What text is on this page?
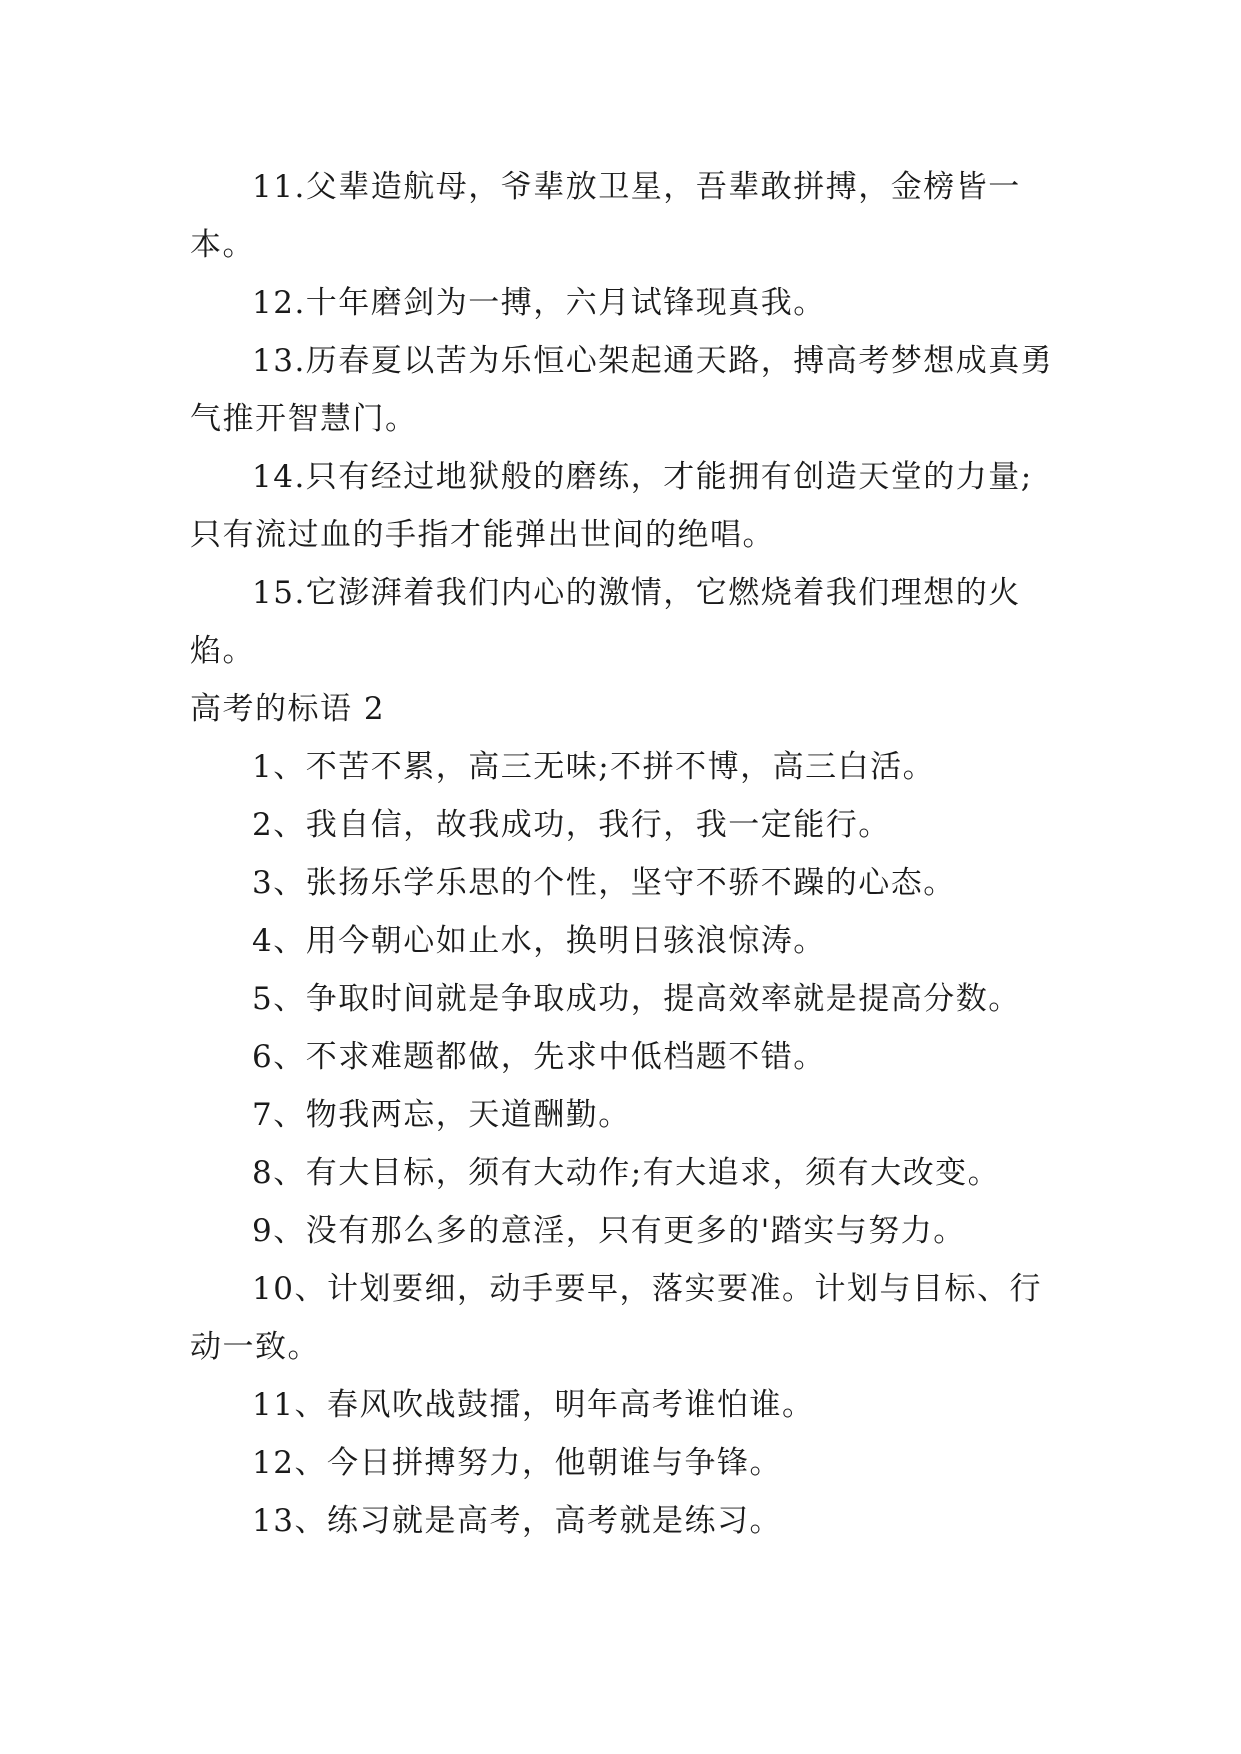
11.父辈造航母，爷辈放卫星，吾辈敢拼搏，金榜皆一本。

12.十年磨剑为一搏，六月试锋现真我。

13.历春夏以苦为乐恒心架起通天路，搏高考梦想成真勇气推开智慧门。

14.只有经过地狱般的磨练，才能拥有创造天堂的力量;只有流过血的手指才能弹出世间的绝唱。

15.它澎湃着我们内心的激情，它燃烧着我们理想的火焰。

高考的标语 2

1、不苦不累，高三无味;不拼不博，高三白活。

2、我自信，故我成功，我行，我一定能行。

3、张扬乐学乐思的个性，坚守不骄不躁的心态。

4、用今朝心如止水，换明日骇浪惊涛。

5、争取时间就是争取成功，提高效率就是提高分数。

6、不求难题都做，先求中低档题不错。

7、物我两忘，天道酬勤。

8、有大目标，须有大动作;有大追求，须有大改变。

9、没有那么多的意淫，只有更多的'踏实与努力。

10、计划要细，动手要早，落实要准。计划与目标、行动一致。

11、春风吹战鼓擂，明年高考谁怕谁。

12、今日拼搏努力，他朝谁与争锋。

13、练习就是高考，高考就是练习。
